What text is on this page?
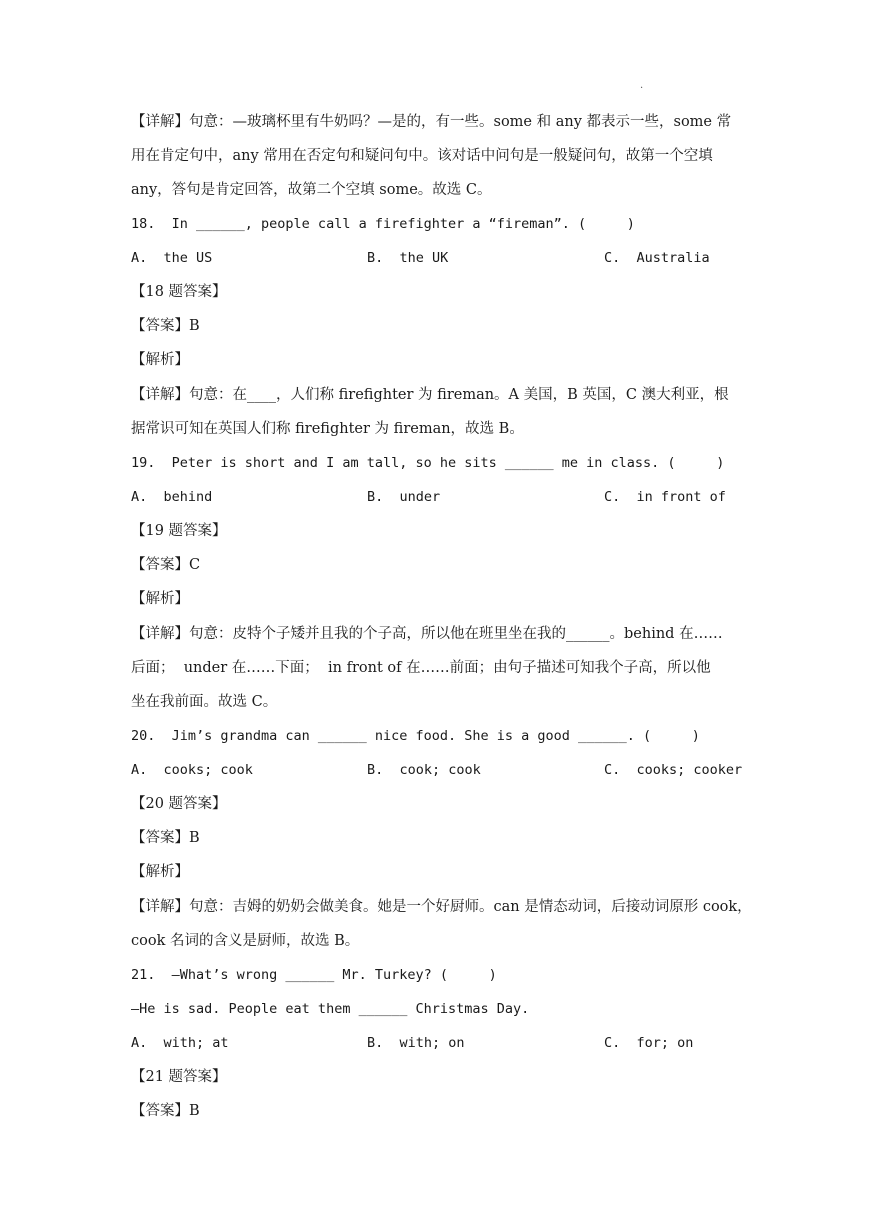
.
【详解】句意：—玻璃杯里有牛奶吗？—是的，有一些。some 和 any 都表示一些，some 常
用在肯定句中，any 常用在否定句和疑问句中。该对话中问句是一般疑问句，故第一个空填
any，答句是肯定回答，故第二个空填 some。故选 C。
18.  In ______, people call a firefighter a “fireman”. (     )
A.  the US	B.  the UK	C.  Australia
【18 题答案】
【答案】B
【解析】
【详解】句意：在____，人们称 firefighter 为 fireman。A 美国，B 英国，C 澳大利亚，根
据常识可知在英国人们称 firefighter 为 fireman，故选 B。
19.  Peter is short and I am tall, so he sits ______ me in class. (     )
A.  behind	B.  under	C.  in front of
【19 题答案】
【答案】C
【解析】
【详解】句意：皮特个子矮并且我的个子高，所以他在班里坐在我的______。behind 在……
后面；  under 在……下面；  in front of 在……前面；由句子描述可知我个子高，所以他
坐在我前面。故选 C。
20.  Jim’s grandma can ______ nice food. She is a good ______. (     )
A.  cooks; cook	B.  cook; cook	C.  cooks; cooker
【20 题答案】
【答案】B
【解析】
【详解】句意：吉姆的奶奶会做美食。她是一个好厨师。can 是情态动词，后接动词原形 cook，
cook 名词的含义是厨师，故选 B。
21.  —What’s wrong ______ Mr. Turkey? (     )
—He is sad. People eat them ______ Christmas Day.
A.  with; at	B.  with; on	C.  for; on
【21 题答案】
【答案】B
